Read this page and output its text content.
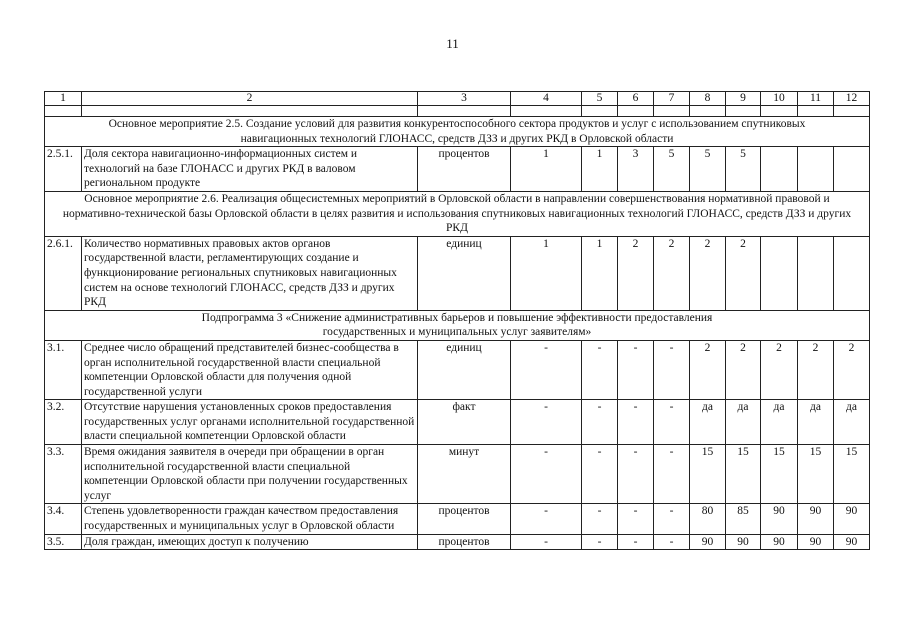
11
1	2	3	4	5	6	7	8	9	10	11	12

Основное мероприятие 2.5. Создание условий для развития конкурентоспособного сектора продуктов и услуг с использованием спутниковых навигационных технологий ГЛОНАСС, средств ДЗЗ и других РКД в Орловской области											
2.5.1.	Доля сектора навигационно-информационных систем и технологий на базе ГЛОНАСС и других РКД в валовом региональном продукте	процентов	1	1	3	5	5	5			
Основное мероприятие 2.6. Реализация общесистемных мероприятий в Орловской области в направлении совершенствования нормативной правовой и нормативно-технической базы Орловской области в целях развития и использования спутниковых навигационных технологий ГЛОНАСС, средств ДЗЗ и других РКД											
2.6.1.	Количество нормативных правовых актов органов государственной власти, регламентирующих создание и функционирование региональных спутниковых навигационных систем на основе технологий ГЛОНАСС, средств ДЗЗ и других РКД	единиц	1	1	2	2	2	2			
Подпрограмма 3 «Снижение административных барьеров и повышение эффективности предоставления государственных и муниципальных услуг заявителям»											
3.1.	Среднее число обращений представителей бизнес-сообщества в орган исполнительной государственной власти специальной компетенции Орловской области для получения одной государственной услуги	единиц	-	-	-	-	2	2	2	2	2
3.2.	Отсутствие нарушения установленных сроков предоставления государственных услуг органами исполнительной государственной власти специальной компетенции Орловской области	факт	-	-	-	-	да	да	да	да	да
3.3.	Время ожидания заявителя в очереди при обращении в орган исполнительной государственной власти специальной компетенции Орловской области при получении государственных услуг	минут	-	-	-	-	15	15	15	15	15
3.4.	Степень удовлетворенности граждан качеством предоставления государственных и муниципальных услуг в Орловской области	процентов	-	-	-	-	80	85	90	90	90
3.5.	Доля граждан, имеющих доступ к получению	процентов	-	-	-	-	90	90	90	90	90
